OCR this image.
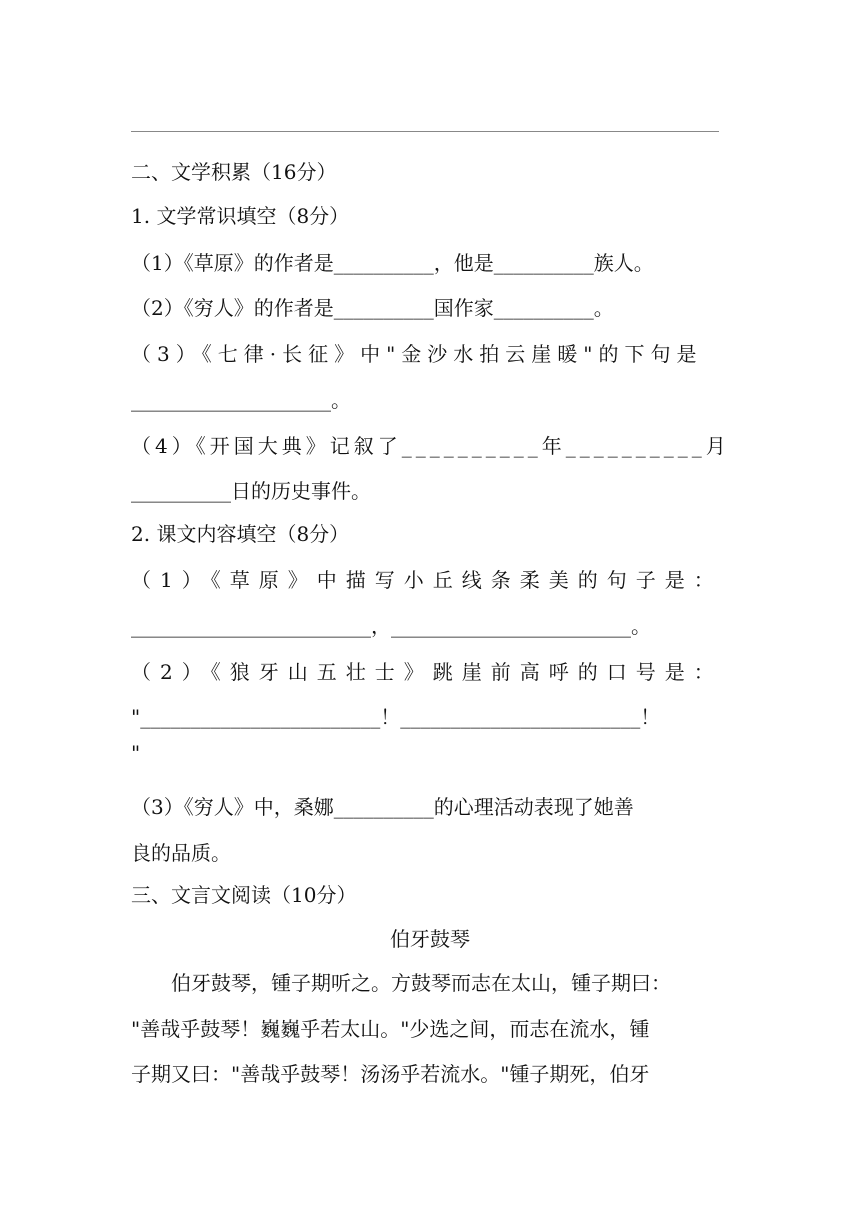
二、文学积累（16分）
1. 文学常识填空（8分）
（1）《草原》的作者是__________，他是__________族人。
（2）《穷人》的作者是__________国作家__________。
（3）《七律·长征》中"金沙水拍云崖暖"的下句是
____________________。
（4）《开国大典》记叙了__________年__________月
__________日的历史事件。
2. 课文内容填空（8分）
（1）《草原》中描写小丘线条柔美的句子是：
________________________，________________________。
（2）《狼牙山五壮士》跳崖前高呼的口号是：
"________________________！________________________！
"
（3）《穷人》中，桑娜__________的心理活动表现了她善
良的品质。
三、文言文阅读（10分）
伯牙鼓琴
　　伯牙鼓琴，锺子期听之。方鼓琴而志在太山，锺子期曰：
"善哉乎鼓琴！巍巍乎若太山。"少选之间，而志在流水，锺
子期又曰："善哉乎鼓琴！汤汤乎若流水。"锺子期死，伯牙
